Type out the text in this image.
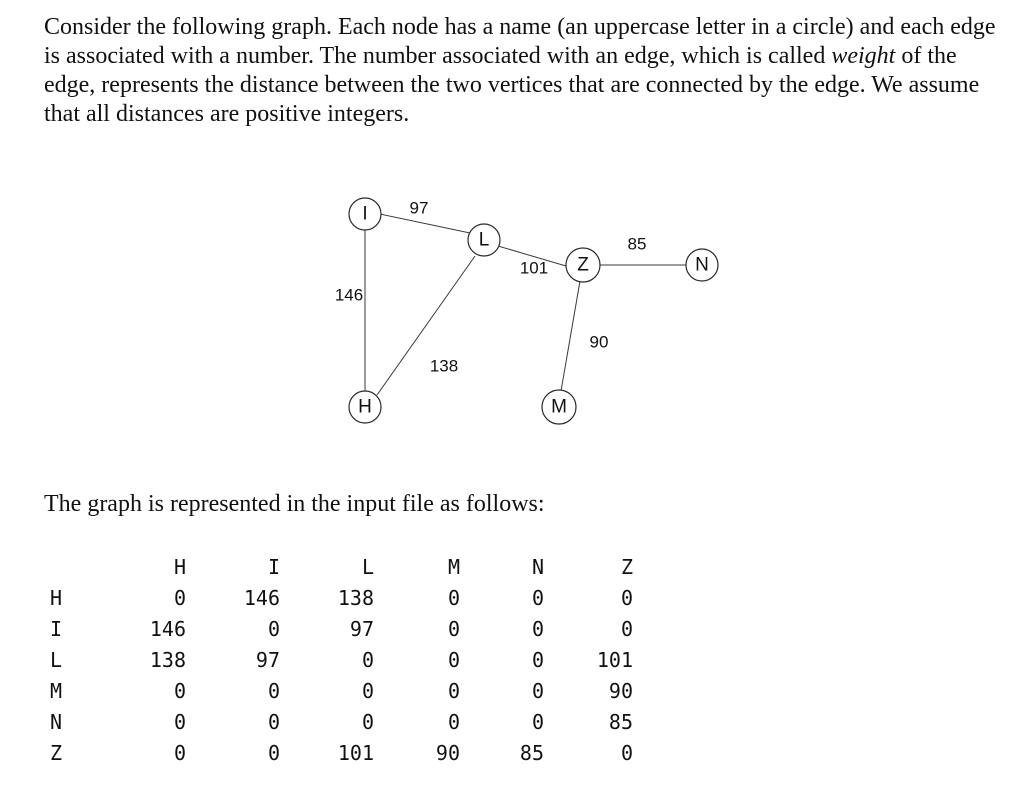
Consider the following graph. Each node has a name (an uppercase letter in a circle) and each edge is associated with a number. The number associated with an edge, which is called weight of the edge, represents the distance between the two vertices that are connected by the edge. We assume that all distances are positive integers.

97
101
85
146
138
90
I
L
Z	N
H	M

The graph is represented in the input file as follows:

H	I	L	M	N	Z
H	0	146	138	0	0	0
I	146	0	97	0	0	0
L	138	97	0	0	0	101
M	0	0	0	0	0	90
N	0	0	0	0	0	85
Z	0	0	101	90	85	0
